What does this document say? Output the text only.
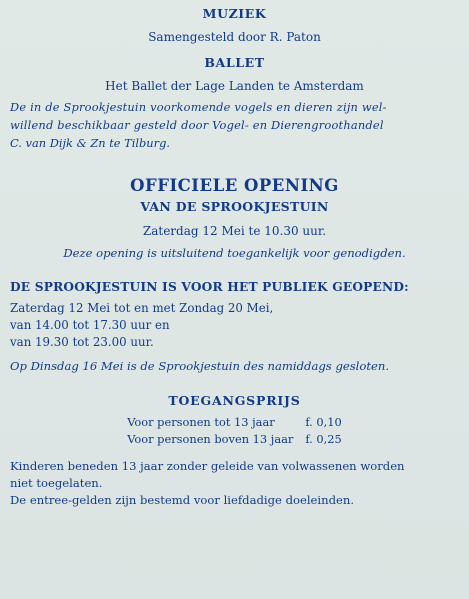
MUZIEK
Samengesteld door R. Paton
BALLET
Het Ballet der Lage Landen te Amsterdam
De in de Sprookjestuin voorkomende vogels en dieren zijn wel-
willend beschikbaar gesteld door Vogel- en Dierengroothandel
C. van Dijk & Zn te Tilburg.
OFFICIELE OPENING
VAN DE SPROOKJESTUIN
Zaterdag 12 Mei te 10.30 uur.
Deze opening is uitsluitend toegankelijk voor genodigden.
DE SPROOKJESTUIN IS VOOR HET PUBLIEK GEOPEND:
Zaterdag 12 Mei tot en met Zondag 20 Mei,
van 14.00 tot 17.30 uur en
van 19.30 tot 23.00 uur.
Op Dinsdag 16 Mei is de Sprookjestuin des namiddags gesloten.
TOEGANGSPRIJS
Voor personen tot 13 jaar	f. 0,10
Voor personen boven 13 jaar	f. 0,25
Kinderen beneden 13 jaar zonder geleide van volwassenen worden
niet toegelaten.
De entree-gelden zijn bestemd voor liefdadige doeleinden.
